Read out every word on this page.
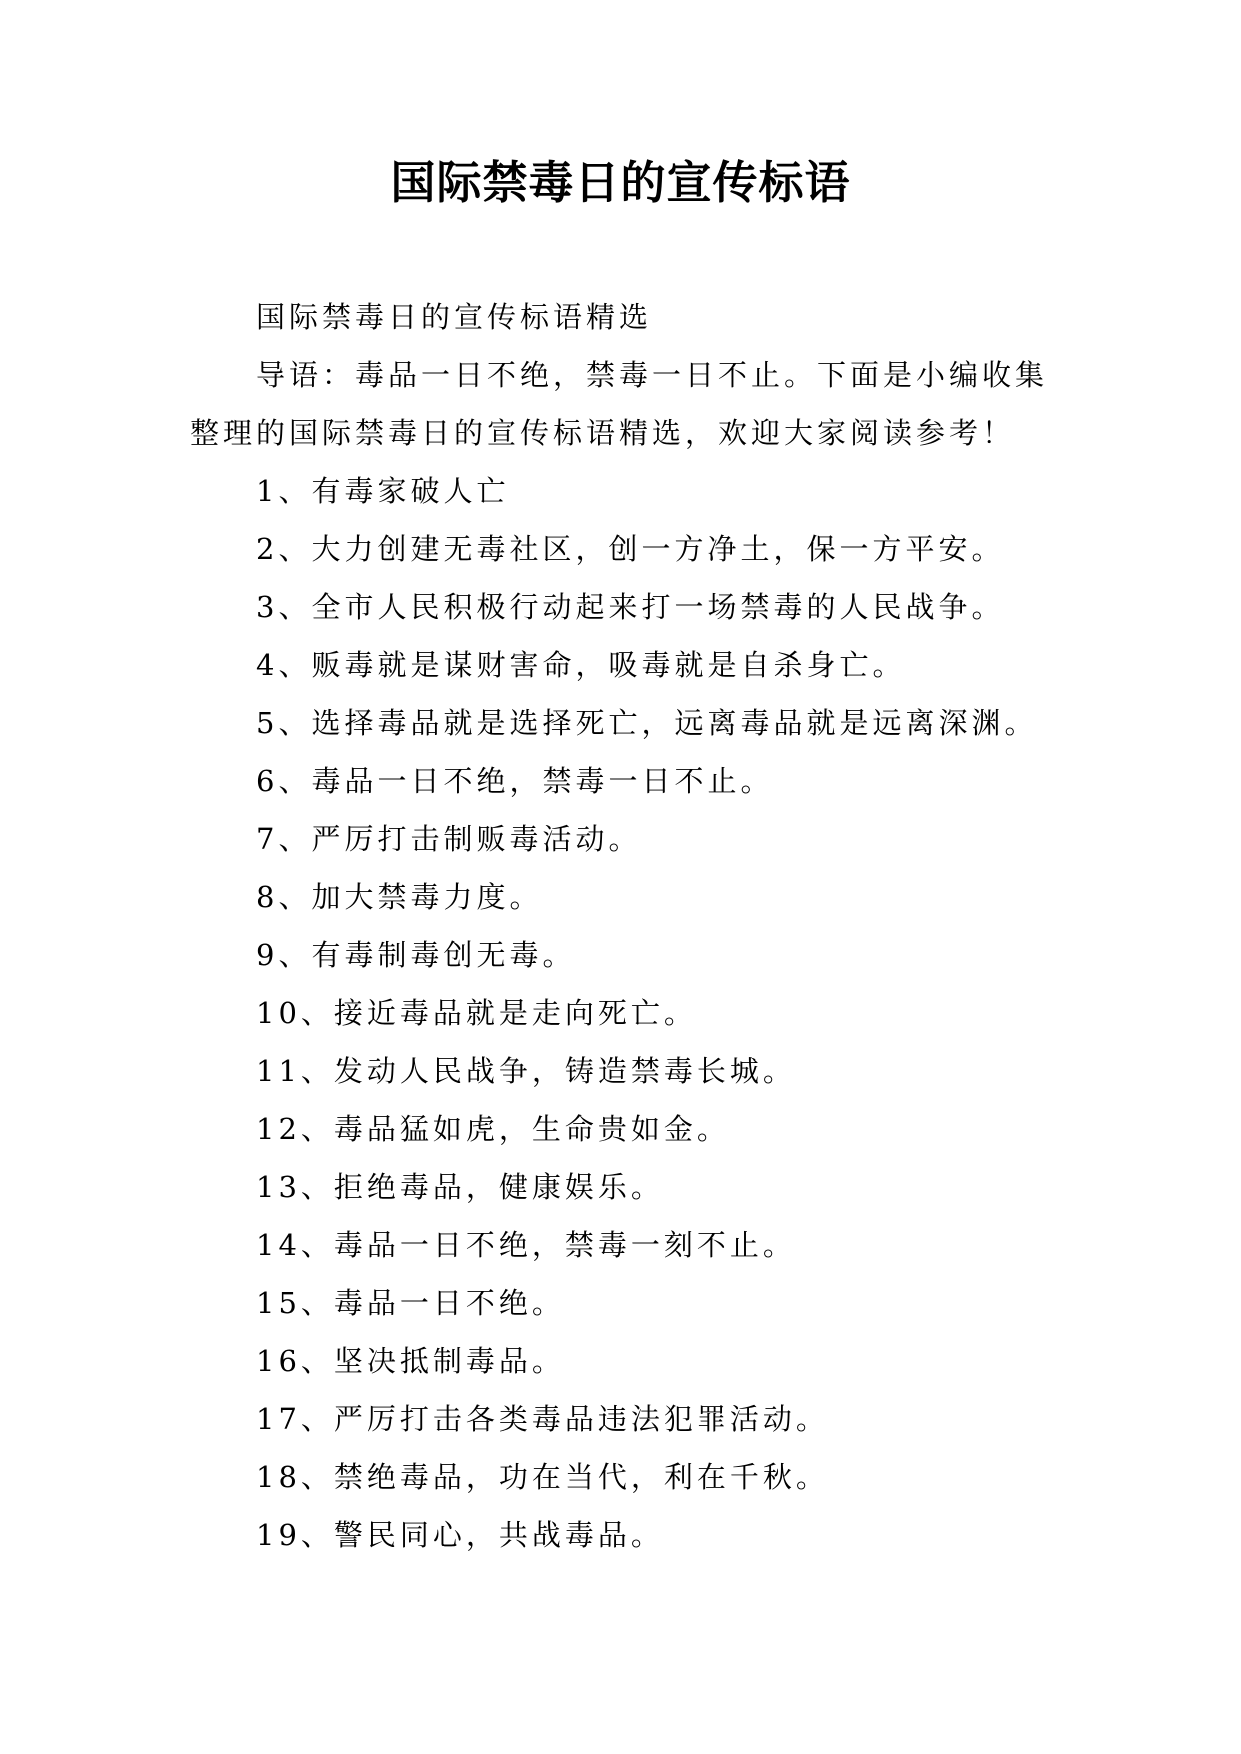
国际禁毒日的宣传标语

国际禁毒日的宣传标语精选

导语：毒品一日不绝，禁毒一日不止。下面是小编收集整理的国际禁毒日的宣传标语精选，欢迎大家阅读参考！

1、有毒家破人亡

2、大力创建无毒社区，创一方净土，保一方平安。

3、全市人民积极行动起来打一场禁毒的人民战争。

4、贩毒就是谋财害命，吸毒就是自杀身亡。

5、选择毒品就是选择死亡，远离毒品就是远离深渊。

6、毒品一日不绝，禁毒一日不止。

7、严厉打击制贩毒活动。

8、加大禁毒力度。

9、有毒制毒创无毒。

10、接近毒品就是走向死亡。

11、发动人民战争，铸造禁毒长城。

12、毒品猛如虎，生命贵如金。

13、拒绝毒品，健康娱乐。

14、毒品一日不绝，禁毒一刻不止。

15、毒品一日不绝。

16、坚决抵制毒品。

17、严厉打击各类毒品违法犯罪活动。

18、禁绝毒品，功在当代，利在千秋。

19、警民同心，共战毒品。
